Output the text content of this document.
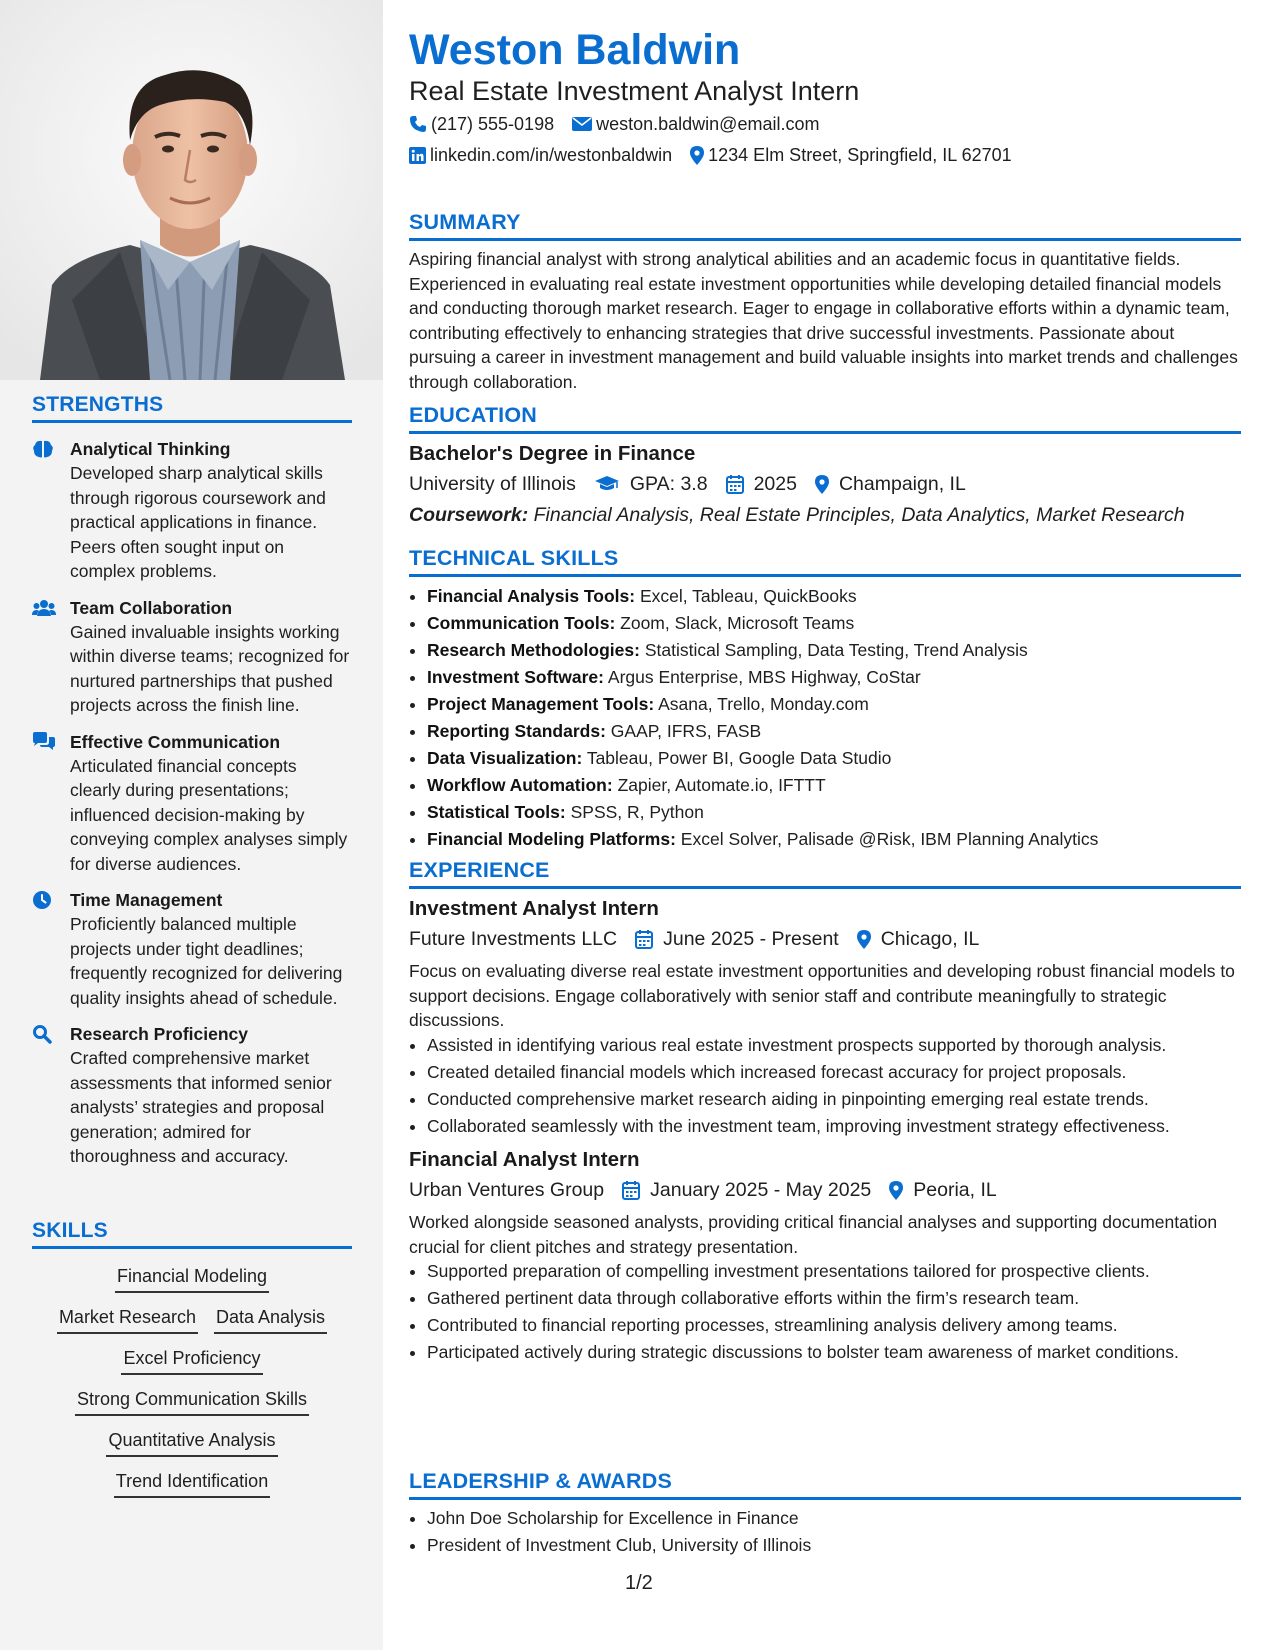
STRENGTHS
Analytical Thinking
Developed sharp analytical skills through rigorous coursework and practical applications in finance. Peers often sought input on complex problems.
Team Collaboration
Gained invaluable insights working within diverse teams; recognized for nurtured partnerships that pushed projects across the finish line.
Effective Communication
Articulated financial concepts clearly during presentations; influenced decision-making by conveying complex analyses simply for diverse audiences.
Time Management
Proficiently balanced multiple projects under tight deadlines; frequently recognized for delivering quality insights ahead of schedule.
Research Proficiency
Crafted comprehensive market assessments that informed senior analysts’ strategies and proposal generation; admired for thoroughness and accuracy.
SKILLS
Financial Modeling
Market Research Data Analysis
Excel Proficiency
Strong Communication Skills
Quantitative Analysis
Trend Identification
Weston Baldwin
Real Estate Investment Analyst Intern
(217) 555-0198 weston.baldwin@email.com
linkedin.com/in/westonbaldwin 1234 Elm Street, Springfield, IL 62701
SUMMARY

Aspiring financial analyst with strong analytical abilities and an academic focus in quantitative fields. Experienced in evaluating real estate investment opportunities while developing detailed financial models and conducting thorough market research. Eager to engage in collaborative efforts within a dynamic team, contributing effectively to enhancing strategies that drive successful investments. Passionate about pursuing a career in investment management and build valuable insights into market trends and challenges through collaboration.

EDUCATION
Bachelor's Degree in Finance
University of Illinois	GPA: 3.8 2025 Champaign, IL
Coursework: Financial Analysis, Real Estate Principles, Data Analytics, Market Research
TECHNICAL SKILLS
• Financial Analysis Tools: Excel, Tableau, QuickBooks
• Communication Tools: Zoom, Slack, Microsoft Teams
• Research Methodologies: Statistical Sampling, Data Testing, Trend Analysis
• Investment Software: Argus Enterprise, MBS Highway, CoStar
• Project Management Tools: Asana, Trello, Monday.com
• Reporting Standards: GAAP, IFRS, FASB
• Data Visualization: Tableau, Power BI, Google Data Studio
• Workflow Automation: Zapier, Automate.io, IFTTT
• Statistical Tools: SPSS, R, Python
• Financial Modeling Platforms: Excel Solver, Palisade @Risk, IBM Planning Analytics
EXPERIENCE
Investment Analyst Intern
Future Investments LLC June 2025 - Present Chicago, IL

Focus on evaluating diverse real estate investment opportunities and developing robust financial models to support decisions. Engage collaboratively with senior staff and contribute meaningfully to strategic discussions.

• Assisted in identifying various real estate investment prospects supported by thorough analysis.
• Created detailed financial models which increased forecast accuracy for project proposals.
• Conducted comprehensive market research aiding in pinpointing emerging real estate trends.
• Collaborated seamlessly with the investment team, improving investment strategy effectiveness.
Financial Analyst Intern
Urban Ventures Group January 2025 - May 2025 Peoria, IL

Worked alongside seasoned analysts, providing critical financial analyses and supporting documentation crucial for client pitches and strategy presentation.

• Supported preparation of compelling investment presentations tailored for prospective clients.
• Gathered pertinent data through collaborative efforts within the firm’s research team.
• Contributed to financial reporting processes, streamlining analysis delivery among teams.
• Participated actively during strategic discussions to bolster team awareness of market conditions.
LEADERSHIP & AWARDS
• John Doe Scholarship for Excellence in Finance
• President of Investment Club, University of Illinois
1/2
